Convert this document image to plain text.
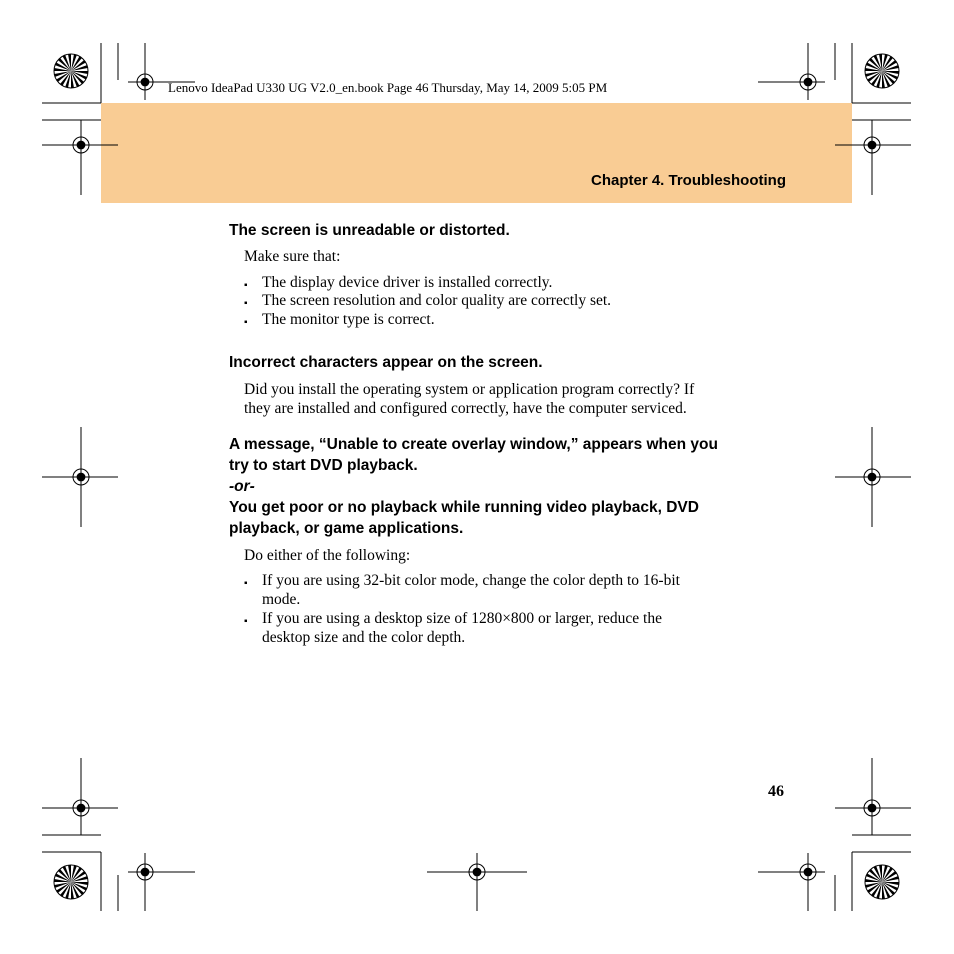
Lenovo IdeaPad U330 UG V2.0_en.book Page 46 Thursday, May 14, 2009 5:05 PM
Chapter 4. Troubleshooting
The screen is unreadable or distorted.
Make sure that:
▪ The display device driver is installed correctly.
▪ The screen resolution and color quality are correctly set.
▪ The monitor type is correct.
Incorrect characters appear on the screen.
Did you install the operating system or application program correctly? If
they are installed and configured correctly, have the computer serviced.
A message, “Unable to create overlay window,” appears when you
try to start DVD playback.
-or-
You get poor or no playback while running video playback, DVD
playback, or game applications.
Do either of the following:
▪ If you are using 32-bit color mode, change the color depth to 16-bit
mode.
▪ If you are using a desktop size of 1280×800 or larger, reduce the
desktop size and the color depth.
46
